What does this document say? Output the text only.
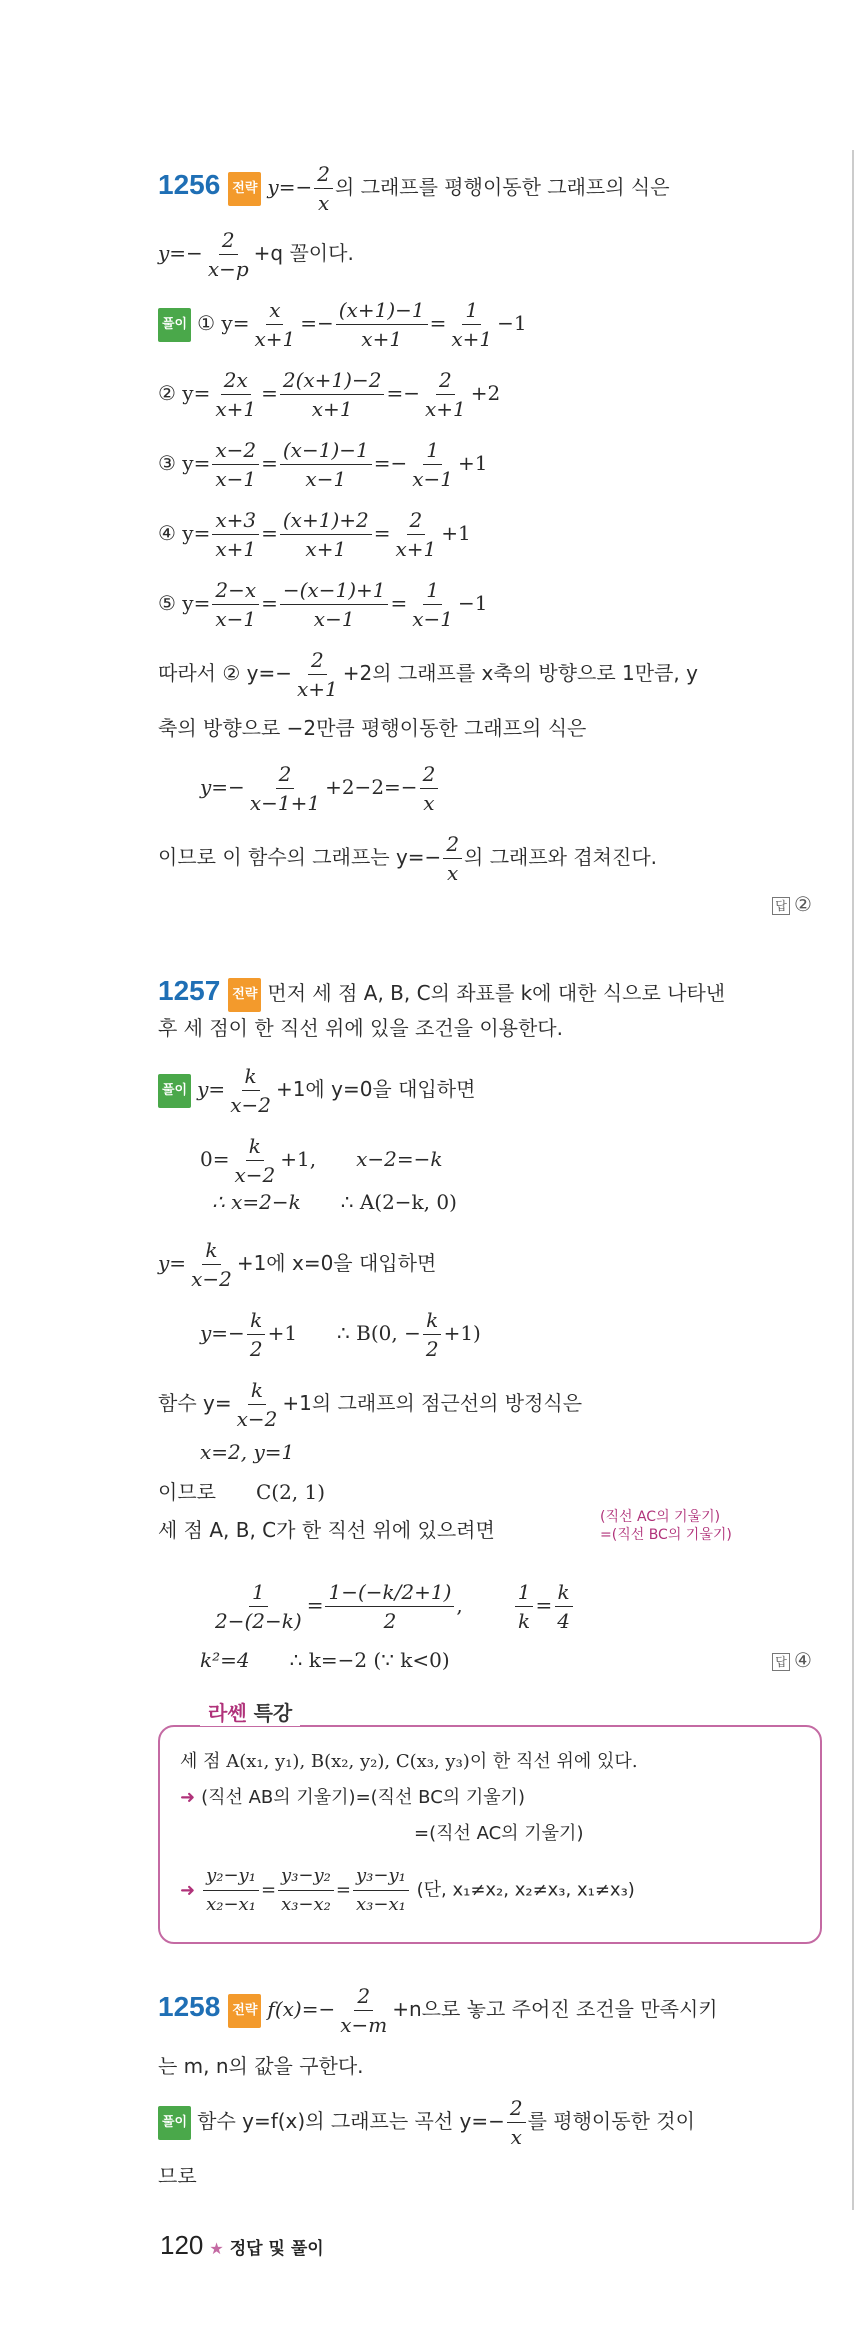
1256 전략 $y=- \frac{2}{x}$ 의 그래프를 평행이동한 그래프의 식은
$y=- \frac{2}{x-p} +q$ 꼴이다.
풀이 ① $y= \frac{x}{x+1} =- \frac{(x+1)-1}{x+1} = \frac{1}{x+1} -1$
② $y= \frac{2x}{x+1} = \frac{2(x+1)-2}{x+1} =- \frac{2}{x+1} +2$
③ $y= \frac{x-2}{x-1} = \frac{(x-1)-1}{x-1} =- \frac{1}{x-1} +1$
④ $y= \frac{x+3}{x+1} = \frac{(x+1)+2}{x+1} = \frac{2}{x+1} +1$
⑤ $y= \frac{2-x}{x-1} = \frac{-(x-1)+1}{x-1} = \frac{1}{x-1} -1$
따라서 ② $y=- \frac{2}{x+1} +2$의 그래프를 x축의 방향으로 1만큼, y
축의 방향으로 −2만큼 평행이동한 그래프의 식은
$y=- \frac{2}{x-1+1} +2-2=- \frac{2}{x}$
이므로 이 함수의 그래프는 $y=- \frac{2}{x}$ 의 그래프와 겹쳐진다.
답 ②
1257 전략 먼저 세 점 A, B, C의 좌표를 k에 대한 식으로 나타낸
후 세 점이 한 직선 위에 있을 조건을 이용한다.
풀이 $y= \frac{k}{x-2} +1$에 y=0을 대입하면
$0= \frac{k}{x-2} +1$, x−2=−k
∴ x=2−k ∴ A(2−k, 0)
$y= \frac{k}{x-2} +1$에 x=0을 대입하면
$y=- \frac{k}{2} +1$ ∴ B(0, − $\frac{k}{2} +1$)
함수 $y= \frac{k}{x-2} +1$의 그래프의 점근선의 방정식은
x=2, y=1
이므로 C(2, 1)
세 점 A, B, C가 한 직선 위에 있으려면
(직선 AC의 기울기)
=(직선 BC의 기울기)
$\frac{1}{2-(2-k)} = \frac{1-(-k/2+1)}{2}$ ,	$\frac{1}{k} = \frac{k}{4}$
k²=4 ∴ k=−2 (∵ k<0)	답 ④
라쎈 특강
세 점 A(x₁, y₁), B(x₂, y₂), C(x₃, y₃)이 한 직선 위에 있다.
➜ (직선 AB의 기울기)=(직선 BC의 기울기)
=(직선 AC의 기울기)
➜ $\frac{\text{y₂−y₁}}{\text{x₂−x₁}} = \frac{\text{y₃−y₂}}{\text{x₃−x₂}} = \frac{\text{y₃−y₁}}{\text{x₃−x₁}}$ (단, x₁≠x₂, x₂≠x₃, x₁≠x₃)
1258 전략 $f(x)=- \frac{2}{x-m} +n$으로 놓고 주어진 조건을 만족시키
는 m, n의 값을 구한다.
풀이 함수 y=f(x)의 그래프는 곡선 $y=- \frac{2}{x}$ 를 평행이동한 것이
므로
120 ★ 정답 및 풀이
